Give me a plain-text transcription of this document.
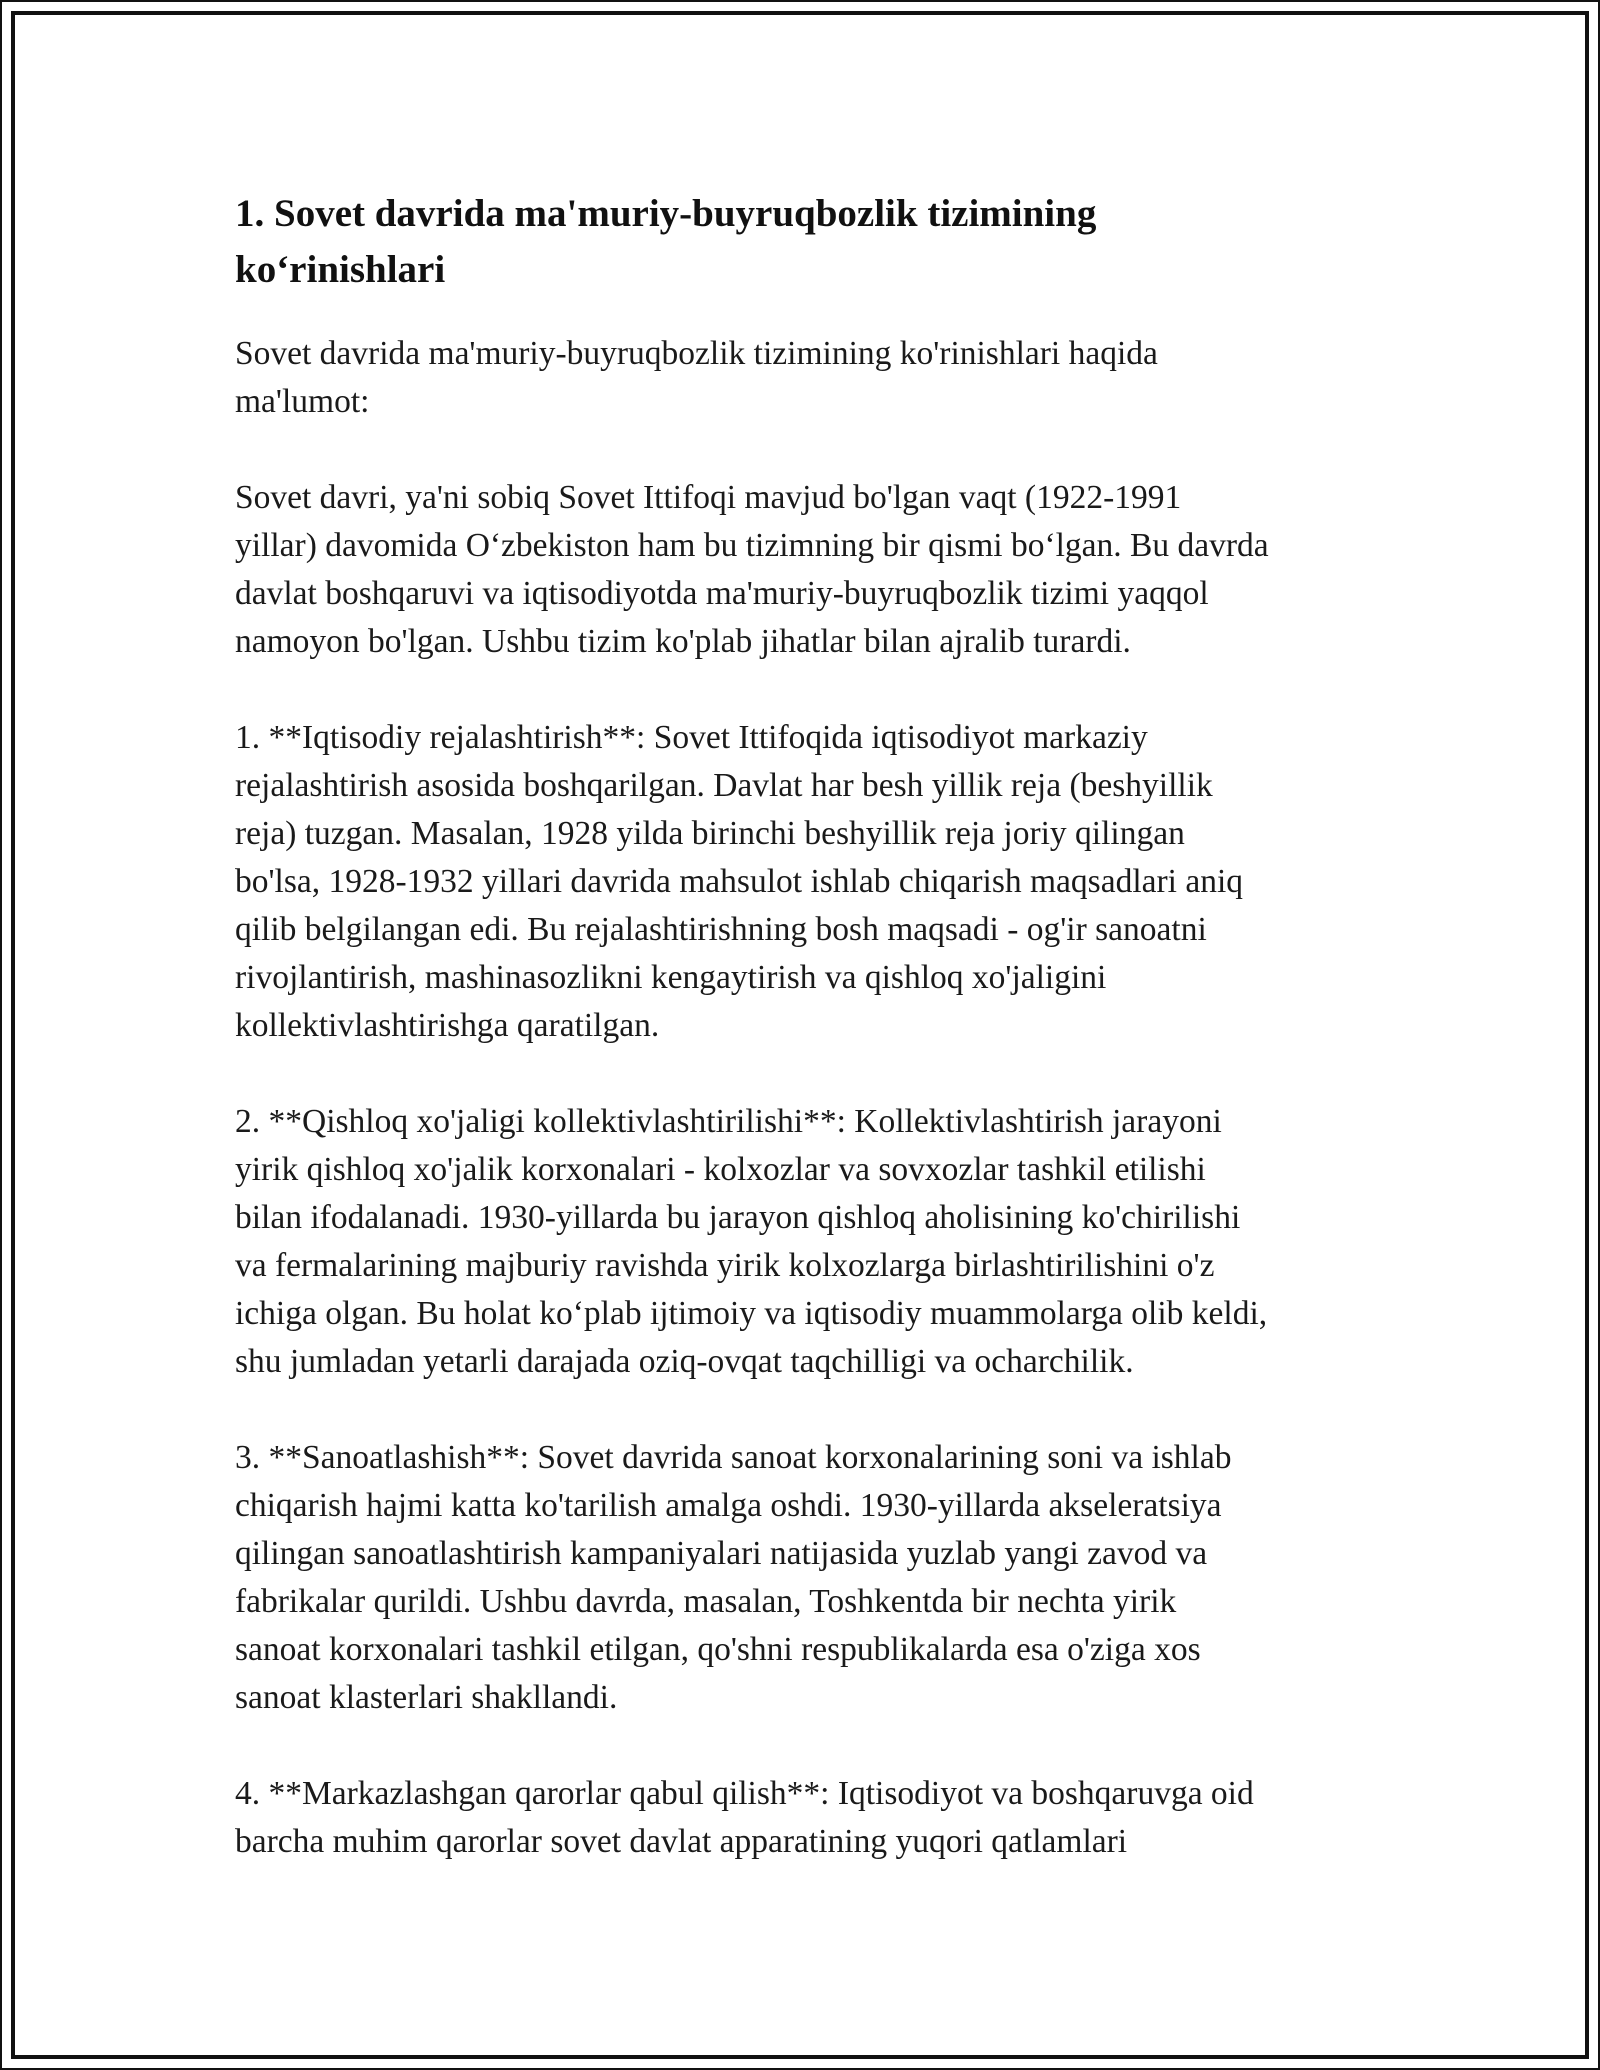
1. Sovet davrida ma'muriy-buyruqbozlik tizimining
ko‘rinishlari

Sovet davrida ma'muriy-buyruqbozlik tizimining ko'rinishlari haqida
ma'lumot:

Sovet davri, ya'ni sobiq Sovet Ittifoqi mavjud bo'lgan vaqt (1922-1991
yillar) davomida O‘zbekiston ham bu tizimning bir qismi bo‘lgan. Bu davrda
davlat boshqaruvi va iqtisodiyotda ma'muriy-buyruqbozlik tizimi yaqqol
namoyon bo'lgan. Ushbu tizim ko'plab jihatlar bilan ajralib turardi.

1. **Iqtisodiy rejalashtirish**: Sovet Ittifoqida iqtisodiyot markaziy
rejalashtirish asosida boshqarilgan. Davlat har besh yillik reja (beshyillik
reja) tuzgan. Masalan, 1928 yilda birinchi beshyillik reja joriy qilingan
bo'lsa, 1928-1932 yillari davrida mahsulot ishlab chiqarish maqsadlari aniq
qilib belgilangan edi. Bu rejalashtirishning bosh maqsadi - og'ir sanoatni
rivojlantirish, mashinasozlikni kengaytirish va qishloq xo'jaligini
kollektivlashtirishga qaratilgan.

2. **Qishloq xo'jaligi kollektivlashtirilishi**: Kollektivlashtirish jarayoni
yirik qishloq xo'jalik korxonalari - kolxozlar va sovxozlar tashkil etilishi
bilan ifodalanadi. 1930-yillarda bu jarayon qishloq aholisining ko'chirilishi
va fermalarining majburiy ravishda yirik kolxozlarga birlashtirilishini o'z
ichiga olgan. Bu holat ko‘plab ijtimoiy va iqtisodiy muammolarga olib keldi,
shu jumladan yetarli darajada oziq-ovqat taqchilligi va ocharchilik.

3. **Sanoatlashish**: Sovet davrida sanoat korxonalarining soni va ishlab
chiqarish hajmi katta ko'tarilish amalga oshdi. 1930-yillarda akseleratsiya
qilingan sanoatlashtirish kampaniyalari natijasida yuzlab yangi zavod va
fabrikalar qurildi. Ushbu davrda, masalan, Toshkentda bir nechta yirik
sanoat korxonalari tashkil etilgan, qo'shni respublikalarda esa o'ziga xos
sanoat klasterlari shakllandi.

4. **Markazlashgan qarorlar qabul qilish**: Iqtisodiyot va boshqaruvga oid
barcha muhim qarorlar sovet davlat apparatining yuqori qatlamlari
